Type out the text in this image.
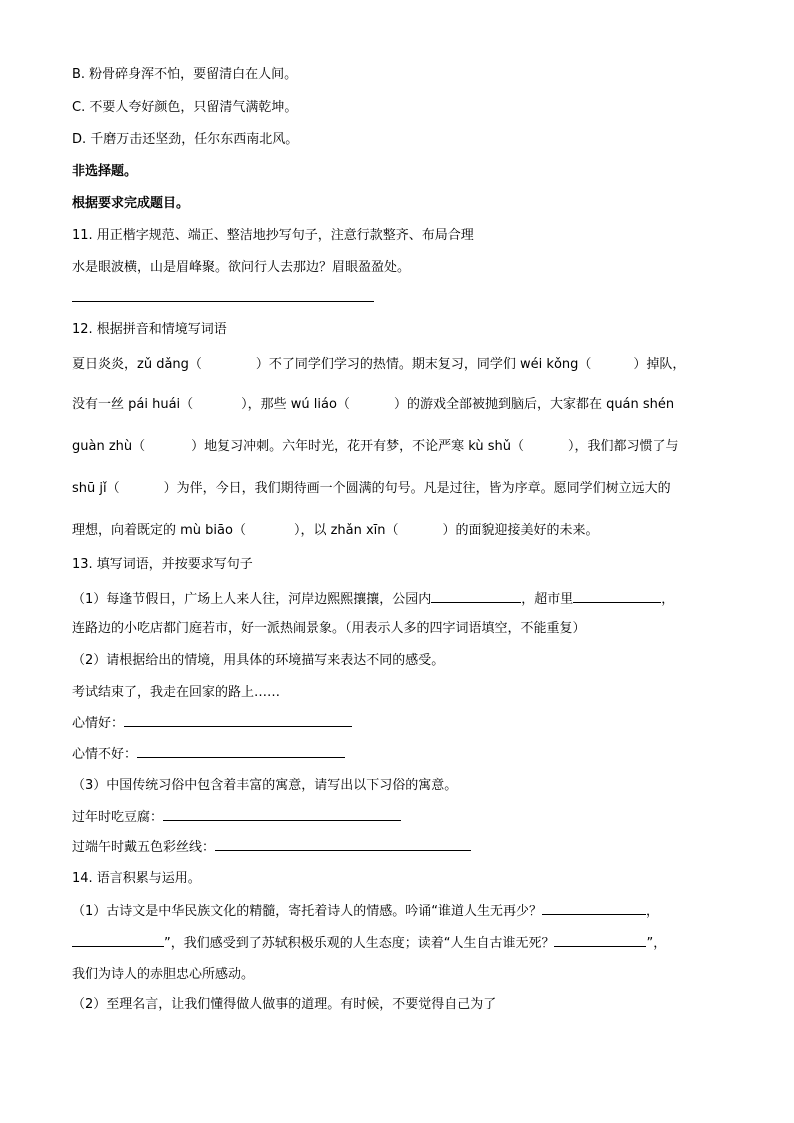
B. 粉骨碎身浑不怕，要留清白在人间。
C. 不要人夸好颜色，只留清气满乾坤。
D. 千磨万击还坚劲，任尔东西南北风。
非选择题。
根据要求完成题目。
11. 用正楷字规范、端正、整洁地抄写句子，注意行款整齐、布局合理
水是眼波横，山是眉峰聚。欲问行人去那边？眉眼盈盈处。
12. 根据拼音和情境写词语
夏日炎炎，zǔ dǎng（	）不了同学们学习的热情。期末复习，同学们 wéi kǒng（	）掉队，
没有一丝 pái huái（	），那些 wú liáo（	）的游戏全部被抛到脑后，大家都在 quán shén
guàn zhù（	）地复习冲刺。六年时光，花开有梦，不论严寒 kù shǔ（	），我们都习惯了与
shū jǐ（	）为伴，今日，我们期待画一个圆满的句号。凡是过往，皆为序章。愿同学们树立远大的
理想，向着既定的 mù biāo（	），以 zhǎn xīn（	）的面貌迎接美好的未来。
13. 填写词语，并按要求写句子
（1）每逢节假日，广场上人来人往，河岸边熙熙攘攘，公园内	，超市里	，
连路边的小吃店都门庭若市，好一派热闹景象。（用表示人多的四字词语填空，不能重复）
（2）请根据给出的情境，用具体的环境描写来表达不同的感受。
考试结束了，我走在回家的路上……
心情好：
心情不好：
（3）中国传统习俗中包含着丰富的寓意，请写出以下习俗的寓意。
过年时吃豆腐：
过端午时戴五色彩丝线：
14. 语言积累与运用。
（1）古诗文是中华民族文化的精髓，寄托着诗人的情感。吟诵“谁道人生无再少？	，
”，我们感受到了苏轼积极乐观的人生态度；读着“人生自古谁无死？	”，
我们为诗人的赤胆忠心所感动。
（2）至理名言，让我们懂得做人做事的道理。有时候，不要觉得自己为了
